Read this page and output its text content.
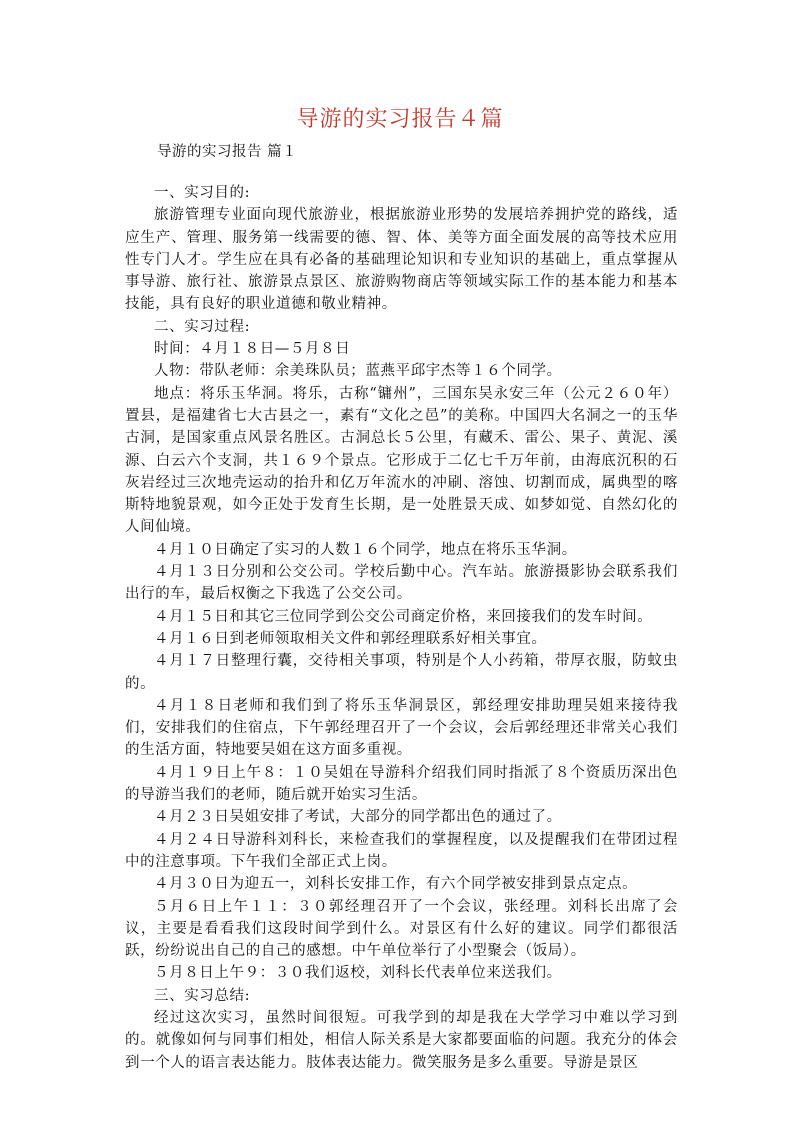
导游的实习报告４篇
导游的实习报告 篇１

一、实习目的:

旅游管理专业面向现代旅游业，根据旅游业形势的发展培养拥护党的路线，适应生产、管理、服务第一线需要的德、智、体、美等方面全面发展的高等技术应用性专门人才。学生应在具有必备的基础理论知识和专业知识的基础上，重点掌握从事导游、旅行社、旅游景点景区、旅游购物商店等领域实际工作的基本能力和基本技能，具有良好的职业道德和敬业精神。

二、实习过程:

时间：４月１８日—５月８日

人物：带队老师：余美珠队员；蓝燕平邱宇杰等１６个同学。

地点：将乐玉华洞。将乐，古称“镛州”，三国东吴永安三年（公元２６０年）置县，是福建省七大古县之一，素有“文化之邑”的美称。中国四大名洞之一的玉华古洞，是国家重点风景名胜区。古洞总长５公里，有藏禾、雷公、果子、黄泥、溪源、白云六个支洞，共１６９个景点。它形成于二亿七千万年前，由海底沉积的石灰岩经过三次地壳运动的抬升和亿万年流水的冲刷、溶蚀、切割而成，属典型的喀斯特地貌景观，如今正处于发育生长期，是一处胜景天成、如梦如觉、自然幻化的人间仙境。

４月１０日确定了实习的人数１６个同学，地点在将乐玉华洞。

４月１３日分别和公交公司。学校后勤中心。汽车站。旅游摄影协会联系我们出行的车，最后权衡之下我选了公交公司。

４月１５日和其它三位同学到公交公司商定价格，来回接我们的发车时间。

４月１６日到老师领取相关文件和郭经理联系好相关事宜。

４月１７日整理行囊，交待相关事项，特别是个人小药箱，带厚衣服，防蚊虫的。

４月１８日老师和我们到了将乐玉华洞景区，郭经理安排助理吴姐来接待我们，安排我们的住宿点，下午郭经理召开了一个会议，会后郭经理还非常关心我们的生活方面，特地要吴姐在这方面多重视。

４月１９日上午８：１０吴姐在导游科介绍我们同时指派了８个资质历深出色的导游当我们的老师，随后就开始实习生活。

４月２３日吴姐安排了考试，大部分的同学都出色的通过了。

４月２４日导游科刘科长，来检查我们的掌握程度，以及提醒我们在带团过程中的注意事项。下午我们全部正式上岗。

４月３０日为迎五一，刘科长安排工作，有六个同学被安排到景点定点。

５月６日上午１１：３０郭经理召开了一个会议，张经理。刘科长出席了会议，主要是看看我们这段时间学到什么。对景区有什么好的建议。同学们都很活跃，纷纷说出自己的自己的感想。中午单位举行了小型聚会（饭局）。

５月８日上午９：３０我们返校，刘科长代表单位来送我们。

三、实习总结:

经过这次实习，虽然时间很短。可我学到的却是我在大学学习中难以学习到的。就像如何与同事们相处，相信人际关系是大家都要面临的问题。我充分的体会到一个人的语言表达能力。肢体表达能力。微笑服务是多么重要。导游是景区
